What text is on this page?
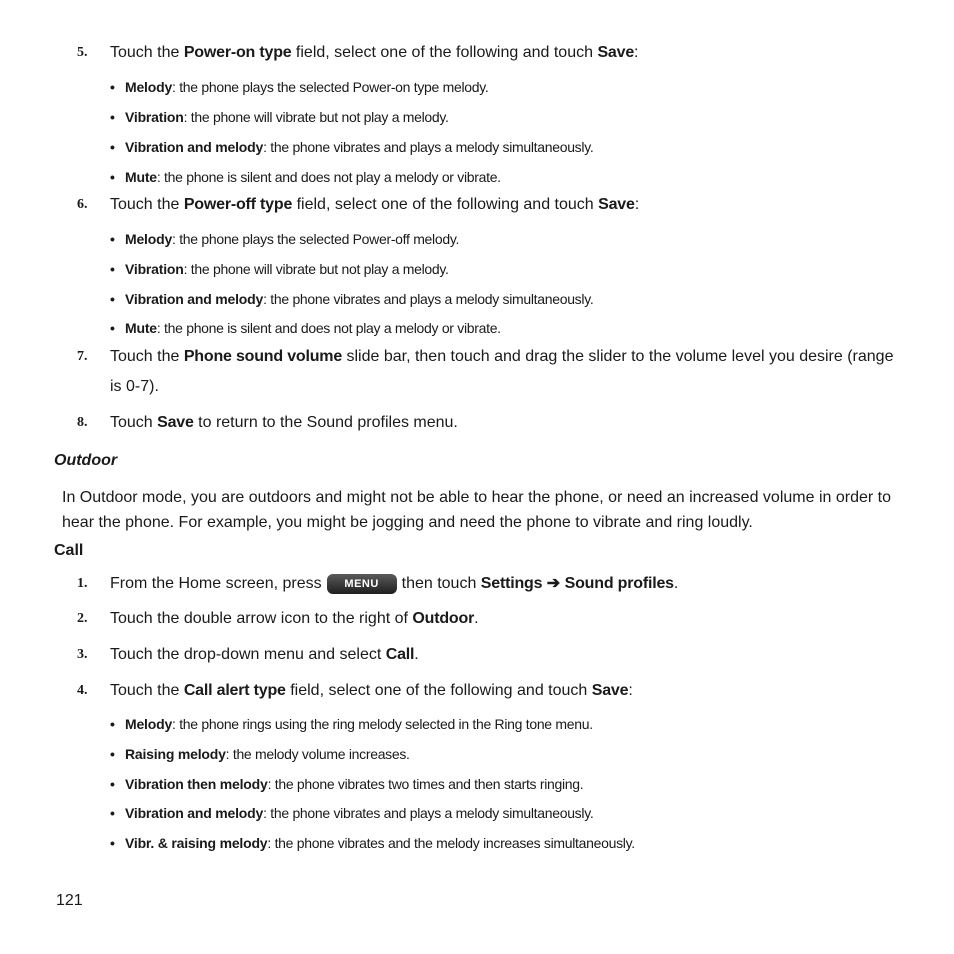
5. Touch the Power-on type field, select one of the following and touch Save:
• Melody: the phone plays the selected Power-on type melody.
• Vibration: the phone will vibrate but not play a melody.
• Vibration and melody: the phone vibrates and plays a melody simultaneously.
• Mute: the phone is silent and does not play a melody or vibrate.
6. Touch the Power-off type field, select one of the following and touch Save:
• Melody: the phone plays the selected Power-off melody.
• Vibration: the phone will vibrate but not play a melody.
• Vibration and melody: the phone vibrates and plays a melody simultaneously.
• Mute: the phone is silent and does not play a melody or vibrate.
7. Touch the Phone sound volume slide bar, then touch and drag the slider to the volume level you desire (range is 0-7).
8. Touch Save to return to the Sound profiles menu.
Outdoor
In Outdoor mode, you are outdoors and might not be able to hear the phone, or need an increased volume in order to hear the phone. For example, you might be jogging and need the phone to vibrate and ring loudly.
Call
1. From the Home screen, press MENU then touch Settings ➔ Sound profiles.
2. Touch the double arrow icon to the right of Outdoor.
3. Touch the drop-down menu and select Call.
4. Touch the Call alert type field, select one of the following and touch Save:
• Melody: the phone rings using the ring melody selected in the Ring tone menu.
• Raising melody: the melody volume increases.
• Vibration then melody: the phone vibrates two times and then starts ringing.
• Vibration and melody: the phone vibrates and plays a melody simultaneously.
• Vibr. & raising melody: the phone vibrates and the melody increases simultaneously.
121
